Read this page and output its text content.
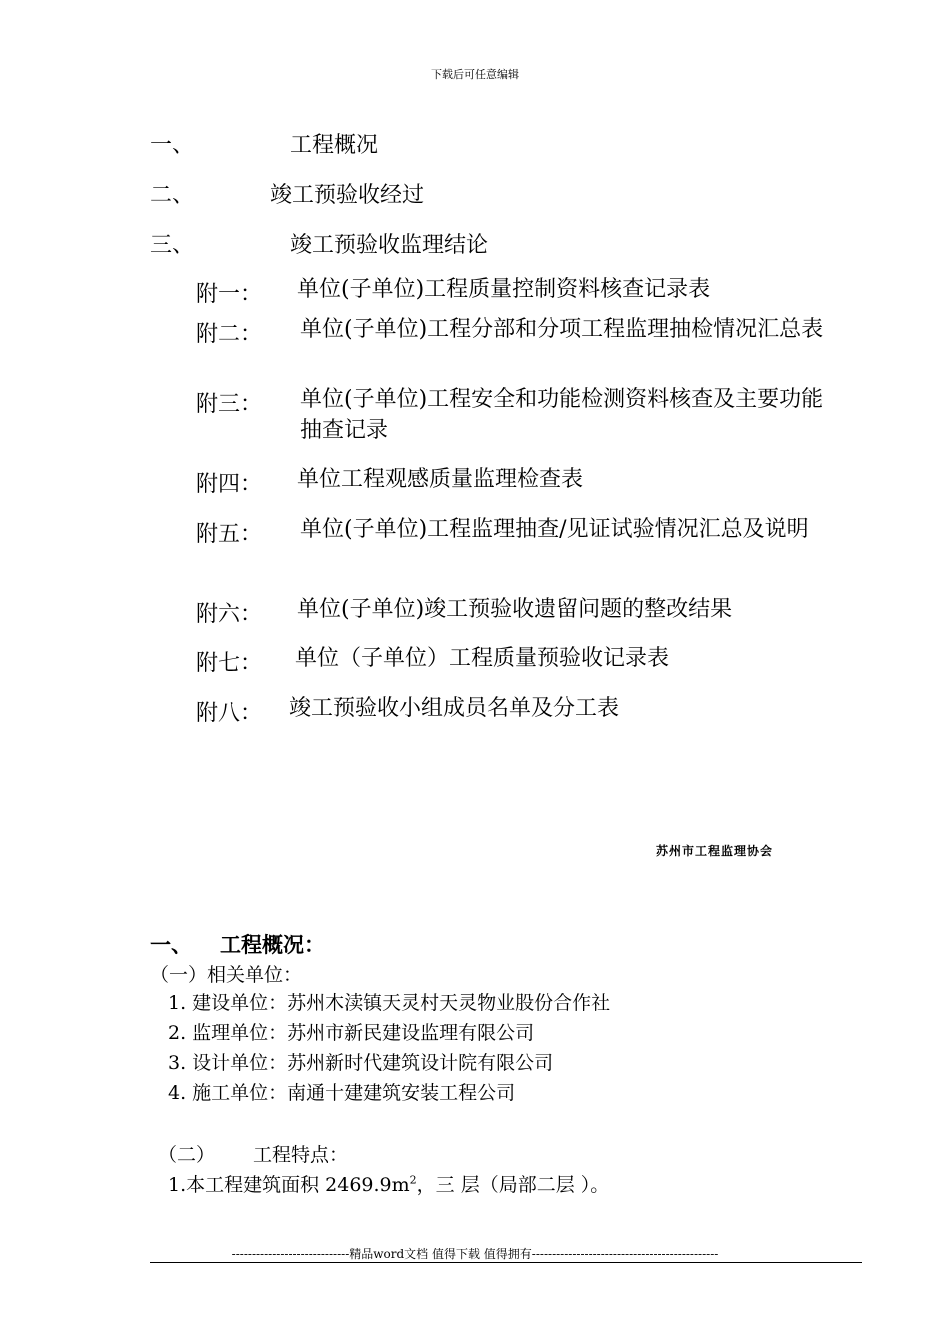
下载后可任意编辑
一、	工程概况
二、	竣工预验收经过
三、	竣工预验收监理结论
附一： 单位(子单位)工程质量控制资料核查记录表
附二： 单位(子单位)工程分部和分项工程监理抽检情况汇总表
附三： 单位(子单位)工程安全和功能检测资料核查及主要功能抽查记录
附四： 单位工程观感质量监理检查表
附五： 单位(子单位)工程监理抽查/见证试验情况汇总及说明
附六： 单位(子单位)竣工预验收遗留问题的整改结果
附七： 单位（子单位）工程质量预验收记录表
附八： 竣工预验收小组成员名单及分工表
苏州市工程监理协会
一、 工程概况：
（一）相关单位：
1. 建设单位：苏州木渎镇天灵村天灵物业股份合作社
2. 监理单位：苏州市新民建设监理有限公司
3. 设计单位：苏州新时代建筑设计院有限公司
4. 施工单位：南通十建建筑安装工程公司
（二） 工程特点：
1.本工程建筑面积 $2469.9m^2$，三 层（局部二层 ）。
-----------------------------精品word文档 值得下载 值得拥有----------------------------------------------
